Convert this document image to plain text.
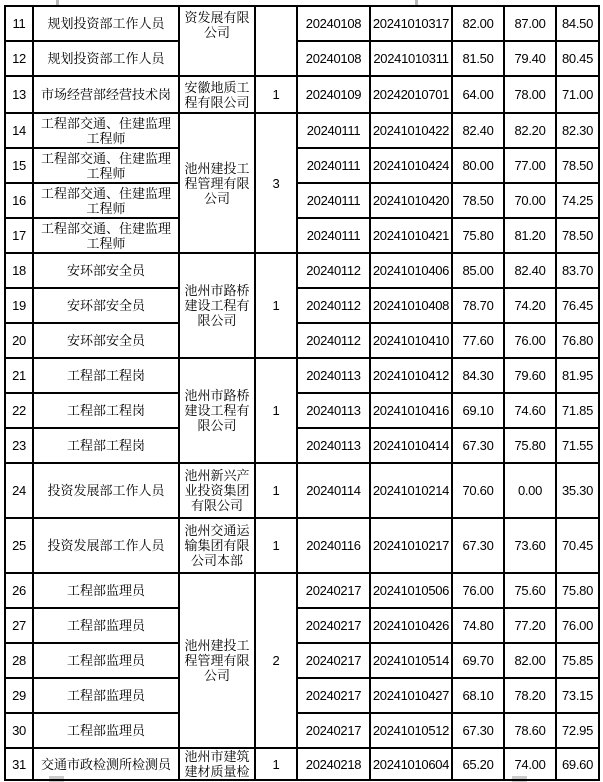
11	规划投资部工作人员	资发展有限公司		20240108	20241010317	82.00	87.00	84.50
12	规划投资部工作人员			20240108	20241010311	81.50	79.40	80.45
13	市场经营部经营技术岗	安徽地质工程有限公司	1	20240109	20242010701	64.00	78.00	71.00
14	工程部交通、住建监理工程师	池州建投工程管理有限公司	3	20240111	20241010422	82.40	82.20	82.30
15	工程部交通、住建监理工程师			20240111	20241010424	80.00	77.00	78.50
16	工程部交通、住建监理工程师			20240111	20241010420	78.50	70.00	74.25
17	工程部交通、住建监理工程师			20240111	20241010421	75.80	81.20	78.50
18	安环部安全员	池州市路桥建设工程有限公司	1	20240112	20241010406	85.00	82.40	83.70
19	安环部安全员			20240112	20241010408	78.70	74.20	76.45
20	安环部安全员			20240112	20241010410	77.60	76.00	76.80
21	工程部工程岗	池州市路桥建设工程有限公司	1	20240113	20241010412	84.30	79.60	81.95
22	工程部工程岗			20240113	20241010416	69.10	74.60	71.85
23	工程部工程岗			20240113	20241010414	67.30	75.80	71.55
24	投资发展部工作人员	池州新兴产业投资集团有限公司	1	20240114	20241010214	70.60	0.00	35.30
25	投资发展部工作人员	池州交通运输集团有限公司本部	1	20240116	20241010217	67.30	73.60	70.45
26	工程部监理员	池州建投工程管理有限公司	2	20240217	20241010506	76.00	75.60	75.80
27	工程部监理员			20240217	20241010426	74.80	77.20	76.00
28	工程部监理员			20240217	20241010514	69.70	82.00	75.85
29	工程部监理员			20240217	20241010427	68.10	78.20	73.15
30	工程部监理员			20240217	20241010512	67.30	78.60	72.95
31	交通市政检测所检测员	池州市建筑建材质量检	1	20240218	20241010604	65.20	74.00	69.60
